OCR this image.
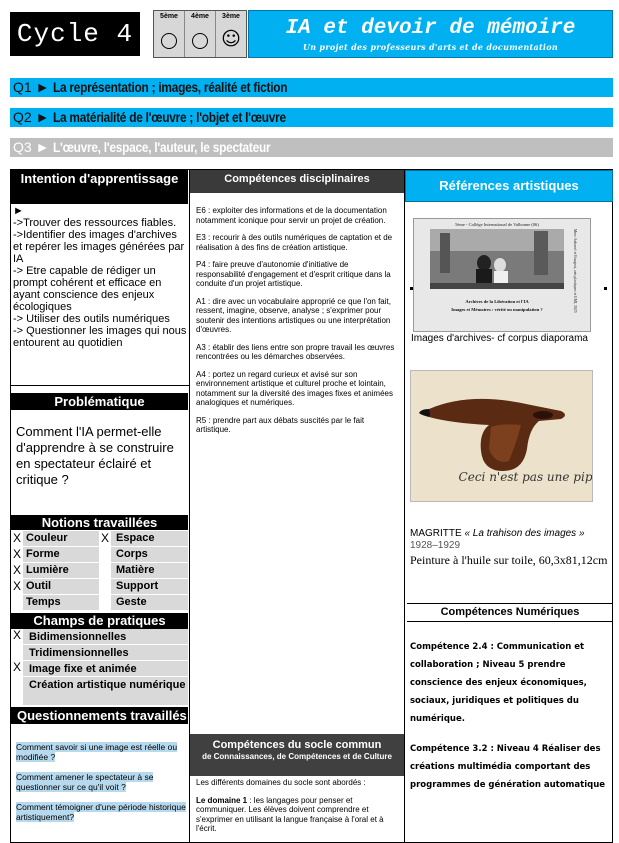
Cycle 4
5ème	4ème	3ème
☺	IA et devoir de mémoire
Un projet des professeurs d'arts et de documentation
Q1 ► La représentation ; images, réalité et fiction
Q2 ► La matérialité de l'œuvre ; l'objet et l'œuvre
Q3 ► L'œuvre, l'espace, l'auteur, le spectateur
Intention d'apprentissage
►
->Trouver des ressources fiables.
->Identifier des images d'archives et repérer les images générées par IA
-> Etre capable de rédiger un prompt cohérent et efficace en ayant conscience des enjeux écologiques
-> Utiliser des outils numériques
-> Questionner les images qui nous entourent au quotidien
Problématique
Comment l'IA permet-elle d'apprendre à se construire en spectateur éclairé et critique ?
Notions travaillées
X Couleur	X Espace
X Forme	Corps
X Lumière	Matière
X Outil	Support
Temps	Geste
Champs de pratiques
X Bidimensionnelles
Tridimensionnelles
X Image fixe et animée
Création artistique numérique
Questionnements travaillés
Comment savoir si une image est réelle ou modifiée ?

Comment amener le spectateur à se questionner sur ce qu'il voit ?

Comment témoigner d'une période historique artistiquement?
Compétences disciplinaires

E6 : exploiter des informations et de la documentation notamment iconique pour servir un projet de création.

E3 : recourir à des outils numériques de captation et de réalisation à des fins de création artistique.

P4 : faire preuve d'autonomie d'initiative de responsabilité d'engagement et d'esprit critique dans la conduite d'un projet artistique.

A1 : dire avec un vocabulaire approprié ce que l'on fait, ressent, imagine, observe, analyse ; s'exprimer pour soutenir des intentions artistiques ou une interprétation d'œuvres.

A3 : établir des liens entre son propre travail les œuvres rencontrées ou les démarches observées.

A4 : portez un regard curieux et avisé sur son environnement artistique et culturel proche et lointain, notamment sur la diversité des images fixes et animées analogiques et numériques.

R5 : prendre part aux débats suscités par le fait artistique.

Compétences du socle commun
de Connaissances, de Compétences et de Culture

Les différents domaines du socle sont abordés :

Le domaine 1 : les langages pour penser et communiquer. Les élèves doivent comprendre et s'exprimer en utilisant la langue française à l'oral et à l'écrit.

Références artistiques
5ème - Collège International de Valbonne (06)
Archives de la Libération et l'IA
Images et Mémoires : vérité ou manipulation ?	Mme Aubanel et Rougeot, arts plastiques et EMI, 2025
Images d'archives- cf corpus diaporama
Ceci n'est pas une pipe.
MAGRITTE « La trahison des images »
1928–1929
Peinture à l'huile sur toile, 60,3x81,12cm
Compétences Numériques

Compétence 2.4 : Communication et collaboration ; Niveau 5 prendre conscience des enjeux économiques, sociaux, juridiques et politiques du numérique.

Compétence 3.2 : Niveau 4 Réaliser des créations multimédia comportant des programmes de génération automatique
